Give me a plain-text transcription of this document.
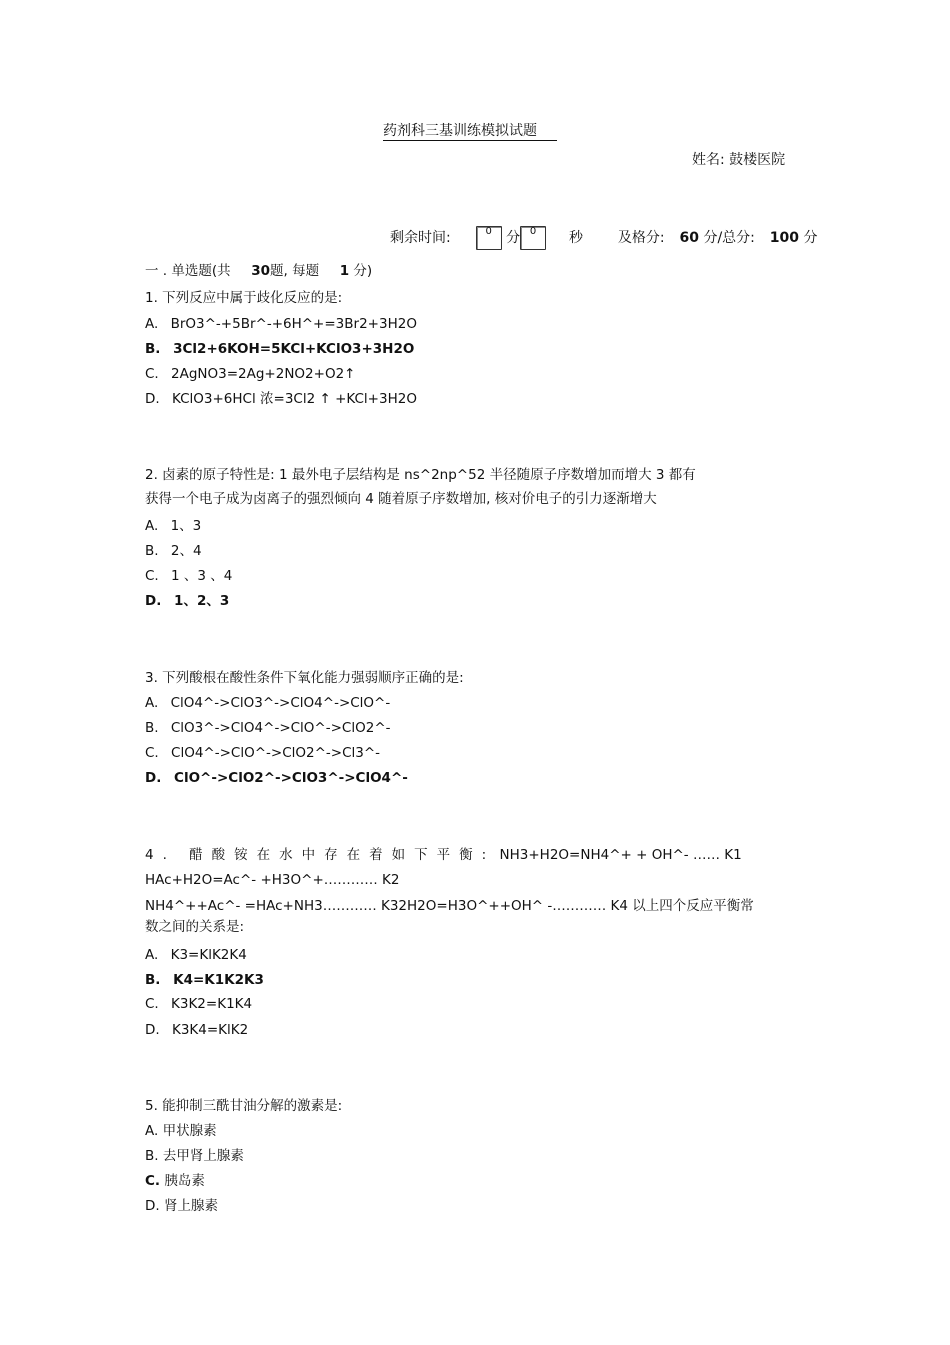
药剂科三基训练模拟试题
姓名: 鼓楼医院
剩余时间:	0 分 0 秒 及格分: 60 分/总分: 100 分
一 . 单选题(共 30题, 每题 1 分)
1. 下列反应中属于歧化反应的是:
A. BrO3^-+5Br^-+6H^+=3Br2+3H2O
B. 3Cl2+6KOH=5KCl+KClO3+3H2O
C. 2AgNO3=2Ag+2NO2+O2↑
D. KClO3+6HCl 浓=3Cl2 ↑ +KCl+3H2O
2. 卤素的原子特性是: 1 最外电子层结构是 ns^2np^52 半径随原子序数增加而增大 3 都有
获得一个电子成为卤离子的强烈倾向 4 随着原子序数增加, 核对价电子的引力逐渐增大
A. 1、3
B. 2、4
C. 1 、3 、4
D. 1、2、3
3. 下列酸根在酸性条件下氧化能力强弱顺序正确的是:
A. ClO4^->ClO3^->ClO4^->ClO^-
B. ClO3^->ClO4^->ClO^->ClO2^-
C. ClO4^->ClO^->ClO2^->Cl3^-
D. ClO^->ClO2^->ClO3^->ClO4^-
4. 醋酸铵在水中存在着如下平衡: NH3+H2O=NH4^+ + OH^- …… K1
HAc+H2O=Ac^- +H3O^+………… K2
NH4^++Ac^- =HAc+NH3………… K32H2O=H3O^++OH^ -………… K4 以上四个反应平衡常
数之间的关系是:
A. K3=KlK2K4
B. K4=K1K2K3
C. K3K2=K1K4
D. K3K4=KlK2
5. 能抑制三酰甘油分解的激素是:
A. 甲状腺素
B. 去甲肾上腺素
C. 胰岛素
D. 肾上腺素
